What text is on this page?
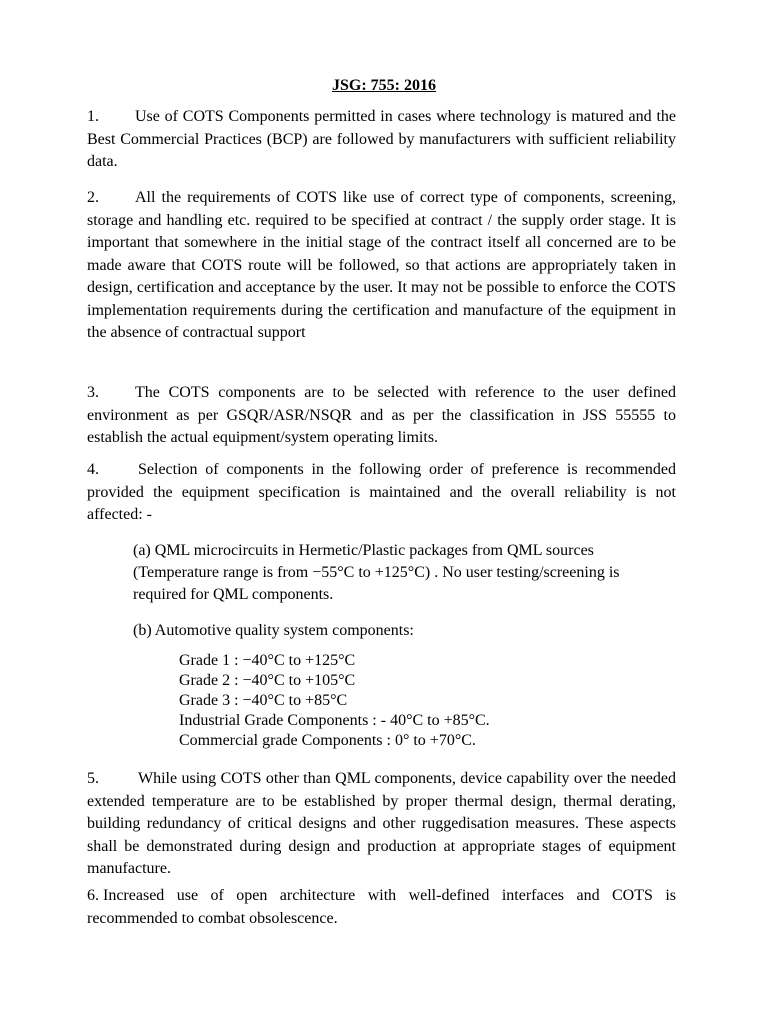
JSG: 755: 2016

1. Use of COTS Components permitted in cases where technology is matured and the Best Commercial Practices (BCP) are followed by manufacturers with sufficient reliability data.

2. All the requirements of COTS like use of correct type of components, screening, storage and handling etc. required to be specified at contract / the supply order stage. It is important that somewhere in the initial stage of the contract itself all concerned are to be made aware that COTS route will be followed, so that actions are appropriately taken in design, certification and acceptance by the user. It may not be possible to enforce the COTS implementation requirements during the certification and manufacture of the equipment in the absence of contractual support

3. The COTS components are to be selected with reference to the user defined environment as per GSQR/ASR/NSQR and as per the classification in JSS 55555 to establish the actual equipment/system operating limits.

4. Selection of components in the following order of preference is recommended provided the equipment specification is maintained and the overall reliability is not affected: -

(a) QML microcircuits in Hermetic/Plastic packages from QML sources (Temperature range is from −55°C to +125°C) . No user testing/screening is required for QML components.

(b) Automotive quality system components:

Grade 1 : −40°C to +125°C
Grade 2 : −40°C to +105°C
Grade 3 : −40°C to +85°C
Industrial Grade Components : - 40°C to +85°C.
Commercial grade Components : 0° to +70°C.

5. While using COTS other than QML components, device capability over the needed extended temperature are to be established by proper thermal design, thermal derating, building redundancy of critical designs and other ruggedisation measures. These aspects shall be demonstrated during design and production at appropriate stages of equipment manufacture.

6. Increased use of open architecture with well-defined interfaces and COTS is recommended to combat obsolescence.
